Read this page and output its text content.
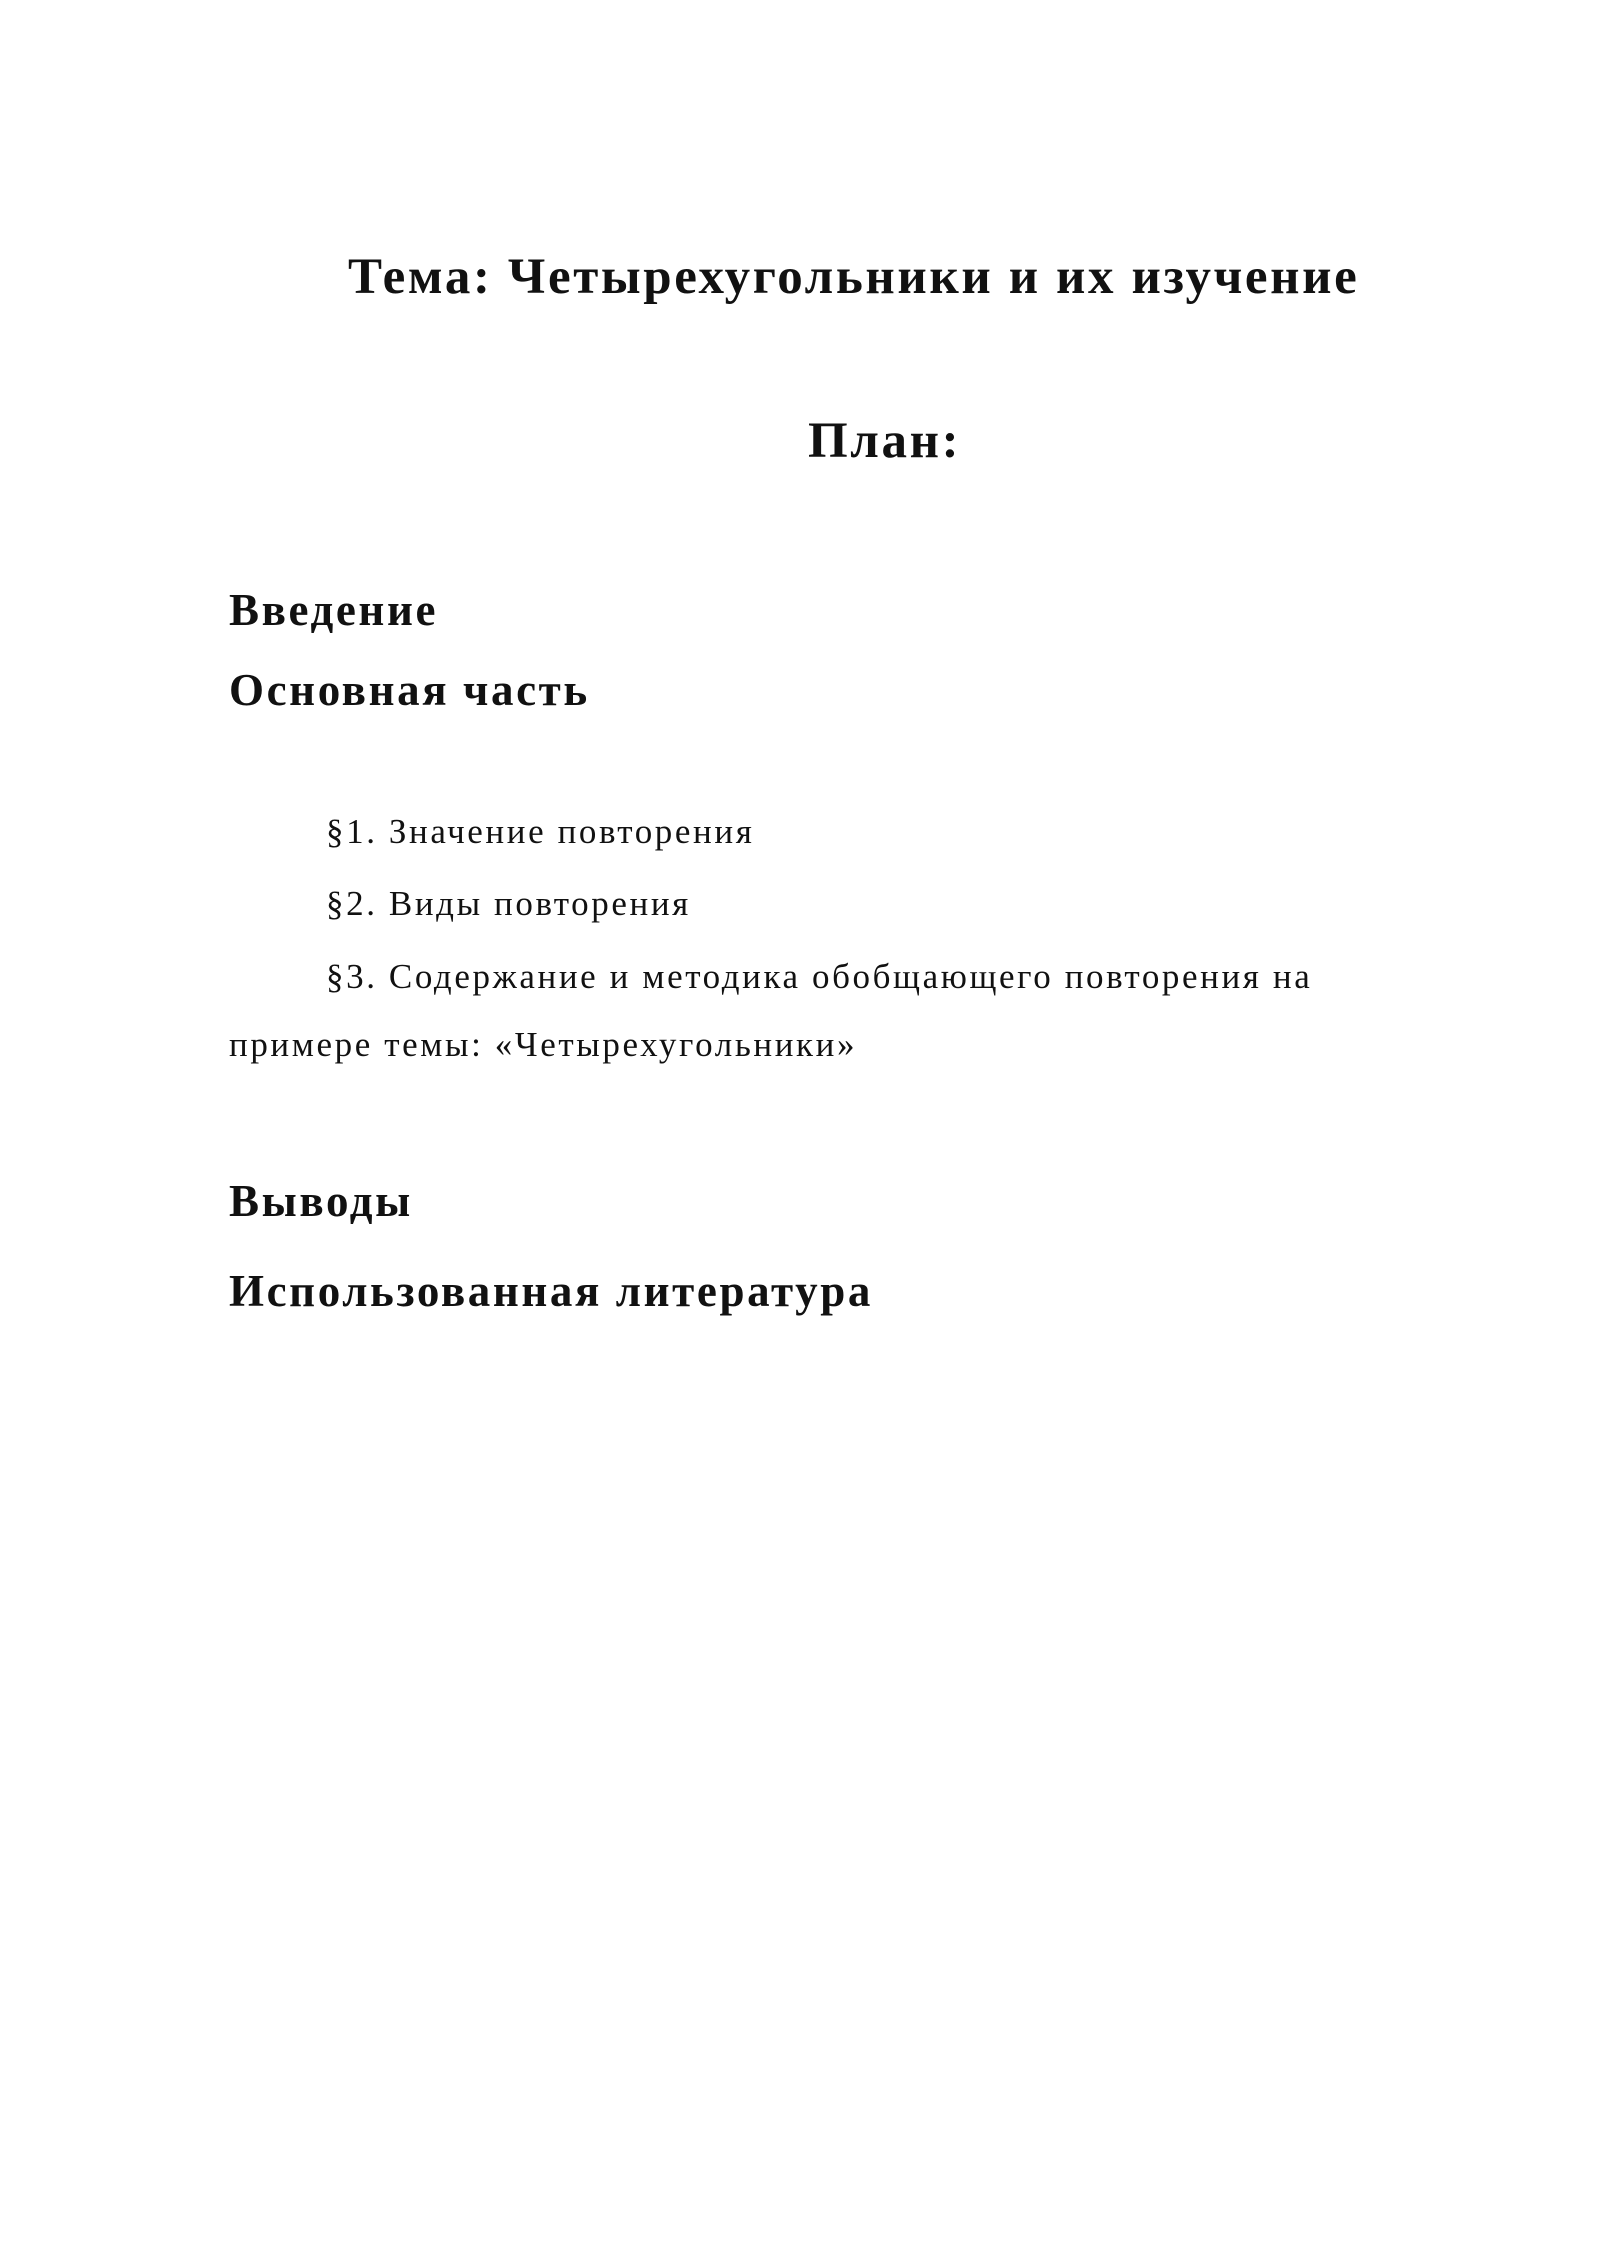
Тема: Четырехугольники и их изучение
План:
Введение
Основная часть
§1. Значение повторения
§2. Виды повторения
§3. Содержание и методика обобщающего повторения на
примере темы: «Четырехугольники»
Выводы
Использованная литература
